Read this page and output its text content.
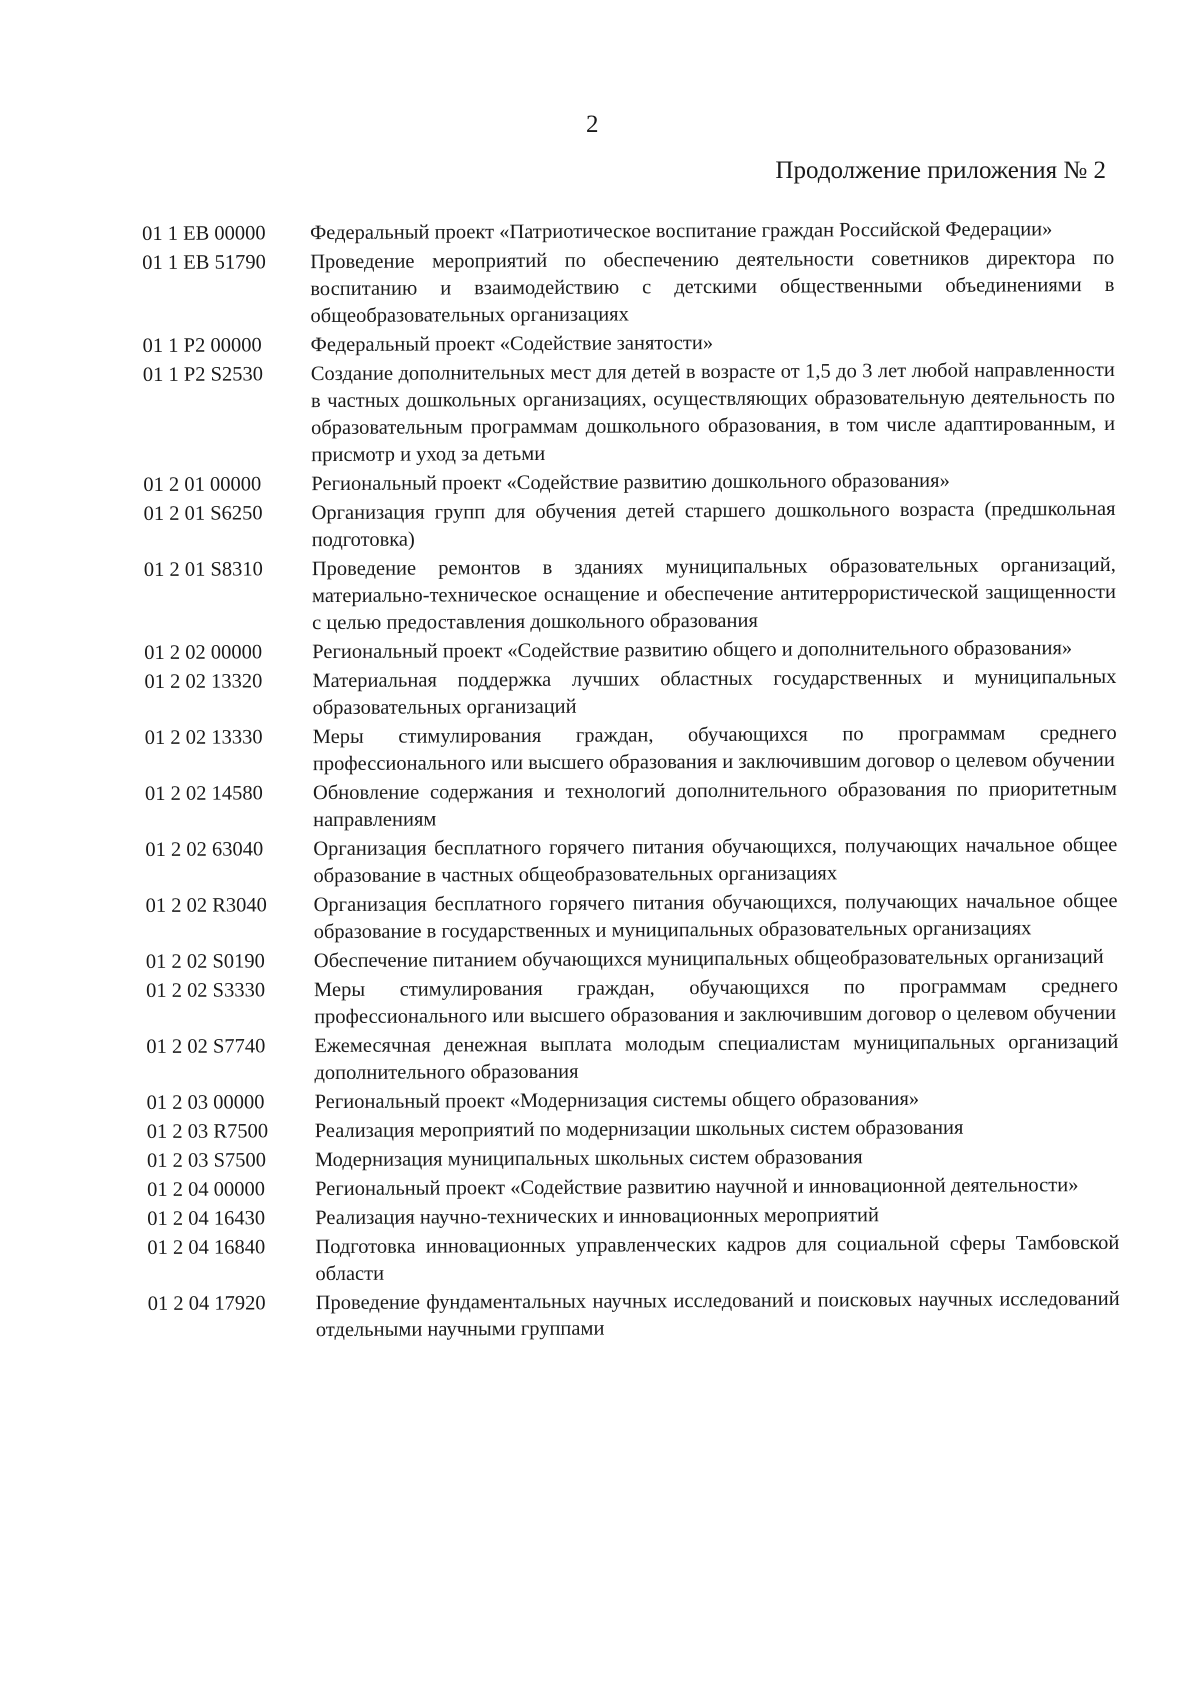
2
Продолжение приложения № 2
01 1 ЕВ 00000	Федеральный проект «Патриотическое воспитание граждан Российской Федерации»
01 1 ЕВ 51790	Проведение мероприятий по обеспечению деятельности советников директора по воспитанию и взаимодействию с детскими общественными объединениями в общеобразовательных организациях
01 1 Р2 00000	Федеральный проект «Содействие занятости»
01 1 Р2 S2530	Создание дополнительных мест для детей в возрасте от 1,5 до 3 лет любой направленности в частных дошкольных организациях, осуществляющих образовательную деятельность по образовательным программам дошкольного образования, в том числе адаптированным, и присмотр и уход за детьми
01 2 01 00000	Региональный проект «Содействие развитию дошкольного образования»
01 2 01 S6250	Организация групп для обучения детей старшего дошкольного возраста (предшкольная подготовка)
01 2 01 S8310	Проведение ремонтов в зданиях муниципальных образовательных организаций, материально-техническое оснащение и обеспечение антитеррористической защищенности с целью предоставления дошкольного образования
01 2 02 00000	Региональный проект «Содействие развитию общего и дополнительного образования»
01 2 02 13320	Материальная поддержка лучших областных государственных и муниципальных образовательных организаций
01 2 02 13330	Меры стимулирования граждан, обучающихся по программам среднего профессионального или высшего образования и заключившим договор о целевом обучении
01 2 02 14580	Обновление содержания и технологий дополнительного образования по приоритетным направлениям
01 2 02 63040	Организация бесплатного горячего питания обучающихся, получающих начальное общее образование в частных общеобразовательных организациях
01 2 02 R3040	Организация бесплатного горячего питания обучающихся, получающих начальное общее образование в государственных и муниципальных образовательных организациях
01 2 02 S0190	Обеспечение питанием обучающихся муниципальных общеобразовательных организаций
01 2 02 S3330	Меры стимулирования граждан, обучающихся по программам среднего профессионального или высшего образования и заключившим договор о целевом обучении
01 2 02 S7740	Ежемесячная денежная выплата молодым специалистам муниципальных организаций дополнительного образования
01 2 03 00000	Региональный проект «Модернизация системы общего образования»
01 2 03 R7500	Реализация мероприятий по модернизации школьных систем образования
01 2 03 S7500	Модернизация муниципальных школьных систем образования
01 2 04 00000	Региональный проект «Содействие развитию научной и инновационной деятельности»
01 2 04 16430	Реализация научно-технических и инновационных мероприятий
01 2 04 16840	Подготовка инновационных управленческих кадров для социальной сферы Тамбовской области
01 2 04 17920	Проведение фундаментальных научных исследований и поисковых научных исследований отдельными научными группами
